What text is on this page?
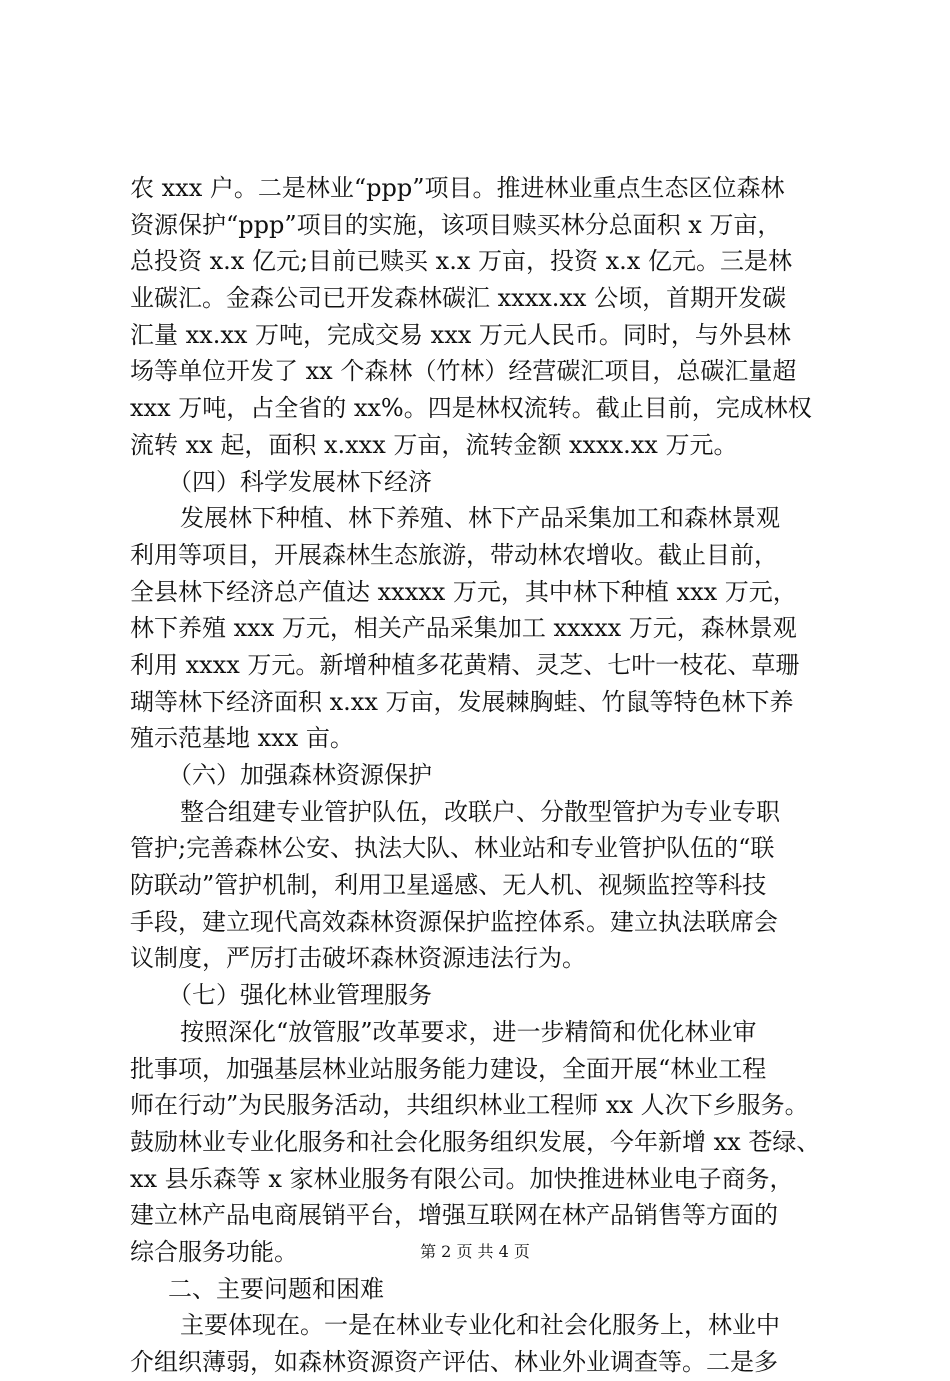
农 xxx 户。二是林业“ppp”项目。推进林业重点生态区位森林
资源保护“ppp”项目的实施，该项目赎买林分总面积 x 万亩，
总投资 x.x 亿元;目前已赎买 x.x 万亩，投资 x.x 亿元。三是林
业碳汇。金森公司已开发森林碳汇 xxxx.xx 公顷，首期开发碳
汇量 xx.xx 万吨，完成交易 xxx 万元人民币。同时，与外县林
场等单位开发了 xx 个森林（竹林）经营碳汇项目，总碳汇量超
xxx 万吨，占全省的 xx%。四是林权流转。截止目前，完成林权
流转 xx 起，面积 x.xxx 万亩，流转金额 xxxx.xx 万元。
（四）科学发展林下经济
发展林下种植、林下养殖、林下产品采集加工和森林景观
利用等项目，开展森林生态旅游，带动林农增收。截止目前，
全县林下经济总产值达 xxxxx 万元，其中林下种植 xxx 万元，
林下养殖 xxx 万元，相关产品采集加工 xxxxx 万元，森林景观
利用 xxxx 万元。新增种植多花黄精、灵芝、七叶一枝花、草珊
瑚等林下经济面积 x.xx 万亩，发展棘胸蛙、竹鼠等特色林下养
殖示范基地 xxx 亩。
（六）加强森林资源保护
整合组建专业管护队伍，改联户、分散型管护为专业专职
管护;完善森林公安、执法大队、林业站和专业管护队伍的“联
防联动”管护机制，利用卫星遥感、无人机、视频监控等科技
手段，建立现代高效森林资源保护监控体系。建立执法联席会
议制度，严厉打击破坏森林资源违法行为。
（七）强化林业管理服务
按照深化“放管服”改革要求，进一步精简和优化林业审
批事项，加强基层林业站服务能力建设，全面开展“林业工程
师在行动”为民服务活动，共组织林业工程师 xx 人次下乡服务。
鼓励林业专业化服务和社会化服务组织发展，今年新增 xx 苍绿、
xx 县乐森等 x 家林业服务有限公司。加快推进林业电子商务，
建立林产品电商展销平台，增强互联网在林产品销售等方面的
综合服务功能。
二、主要问题和困难
主要体现在。一是在林业专业化和社会化服务上，林业中
介组织薄弱，如森林资源资产评估、林业外业调查等。二是多
第 2 页 共 4 页
